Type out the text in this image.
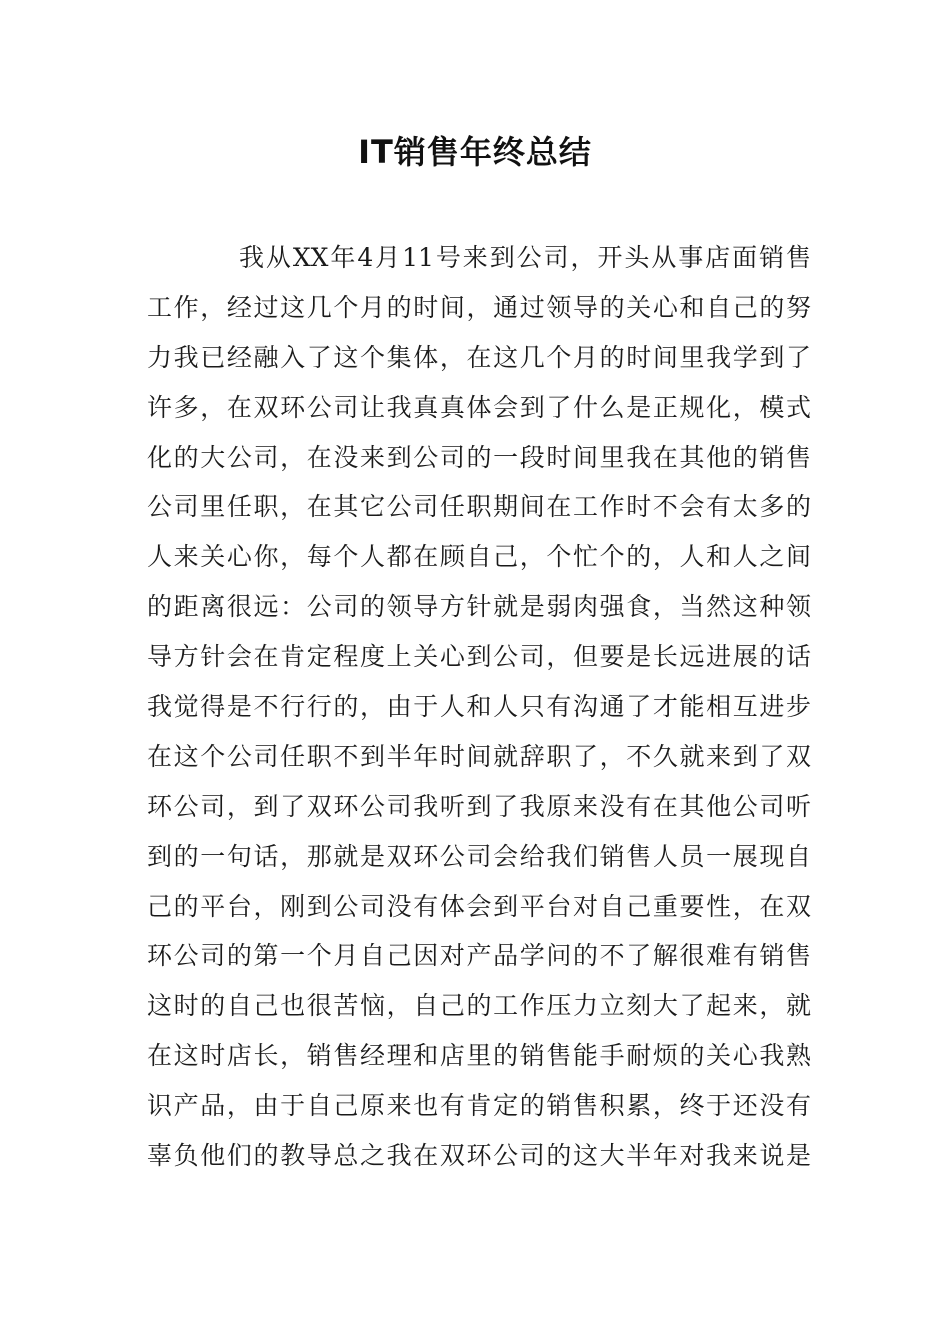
IT销售年终总结
我从XX年4月11号来到公司，开头从事店面销售
工作，经过这几个月的时间，通过领导的关心和自己的努
力我已经融入了这个集体，在这几个月的时间里我学到了
许多，在双环公司让我真真体会到了什么是正规化，模式
化的大公司，在没来到公司的一段时间里我在其他的销售
公司里任职，在其它公司任职期间在工作时不会有太多的
人来关心你，每个人都在顾自己，个忙个的，人和人之间
的距离很远：公司的领导方针就是弱肉强食，当然这种领
导方针会在肯定程度上关心到公司，但要是长远进展的话
我觉得是不行行的，由于人和人只有沟通了才能相互进步
在这个公司任职不到半年时间就辞职了，不久就来到了双
环公司，到了双环公司我听到了我原来没有在其他公司听
到的一句话，那就是双环公司会给我们销售人员一展现自
己的平台，刚到公司没有体会到平台对自己重要性，在双
环公司的第一个月自己因对产品学问的不了解很难有销售
这时的自己也很苦恼，自己的工作压力立刻大了起来，就
在这时店长，销售经理和店里的销售能手耐烦的关心我熟
识产品，由于自己原来也有肯定的销售积累，终于还没有
辜负他们的教导总之我在双环公司的这大半年对我来说是
